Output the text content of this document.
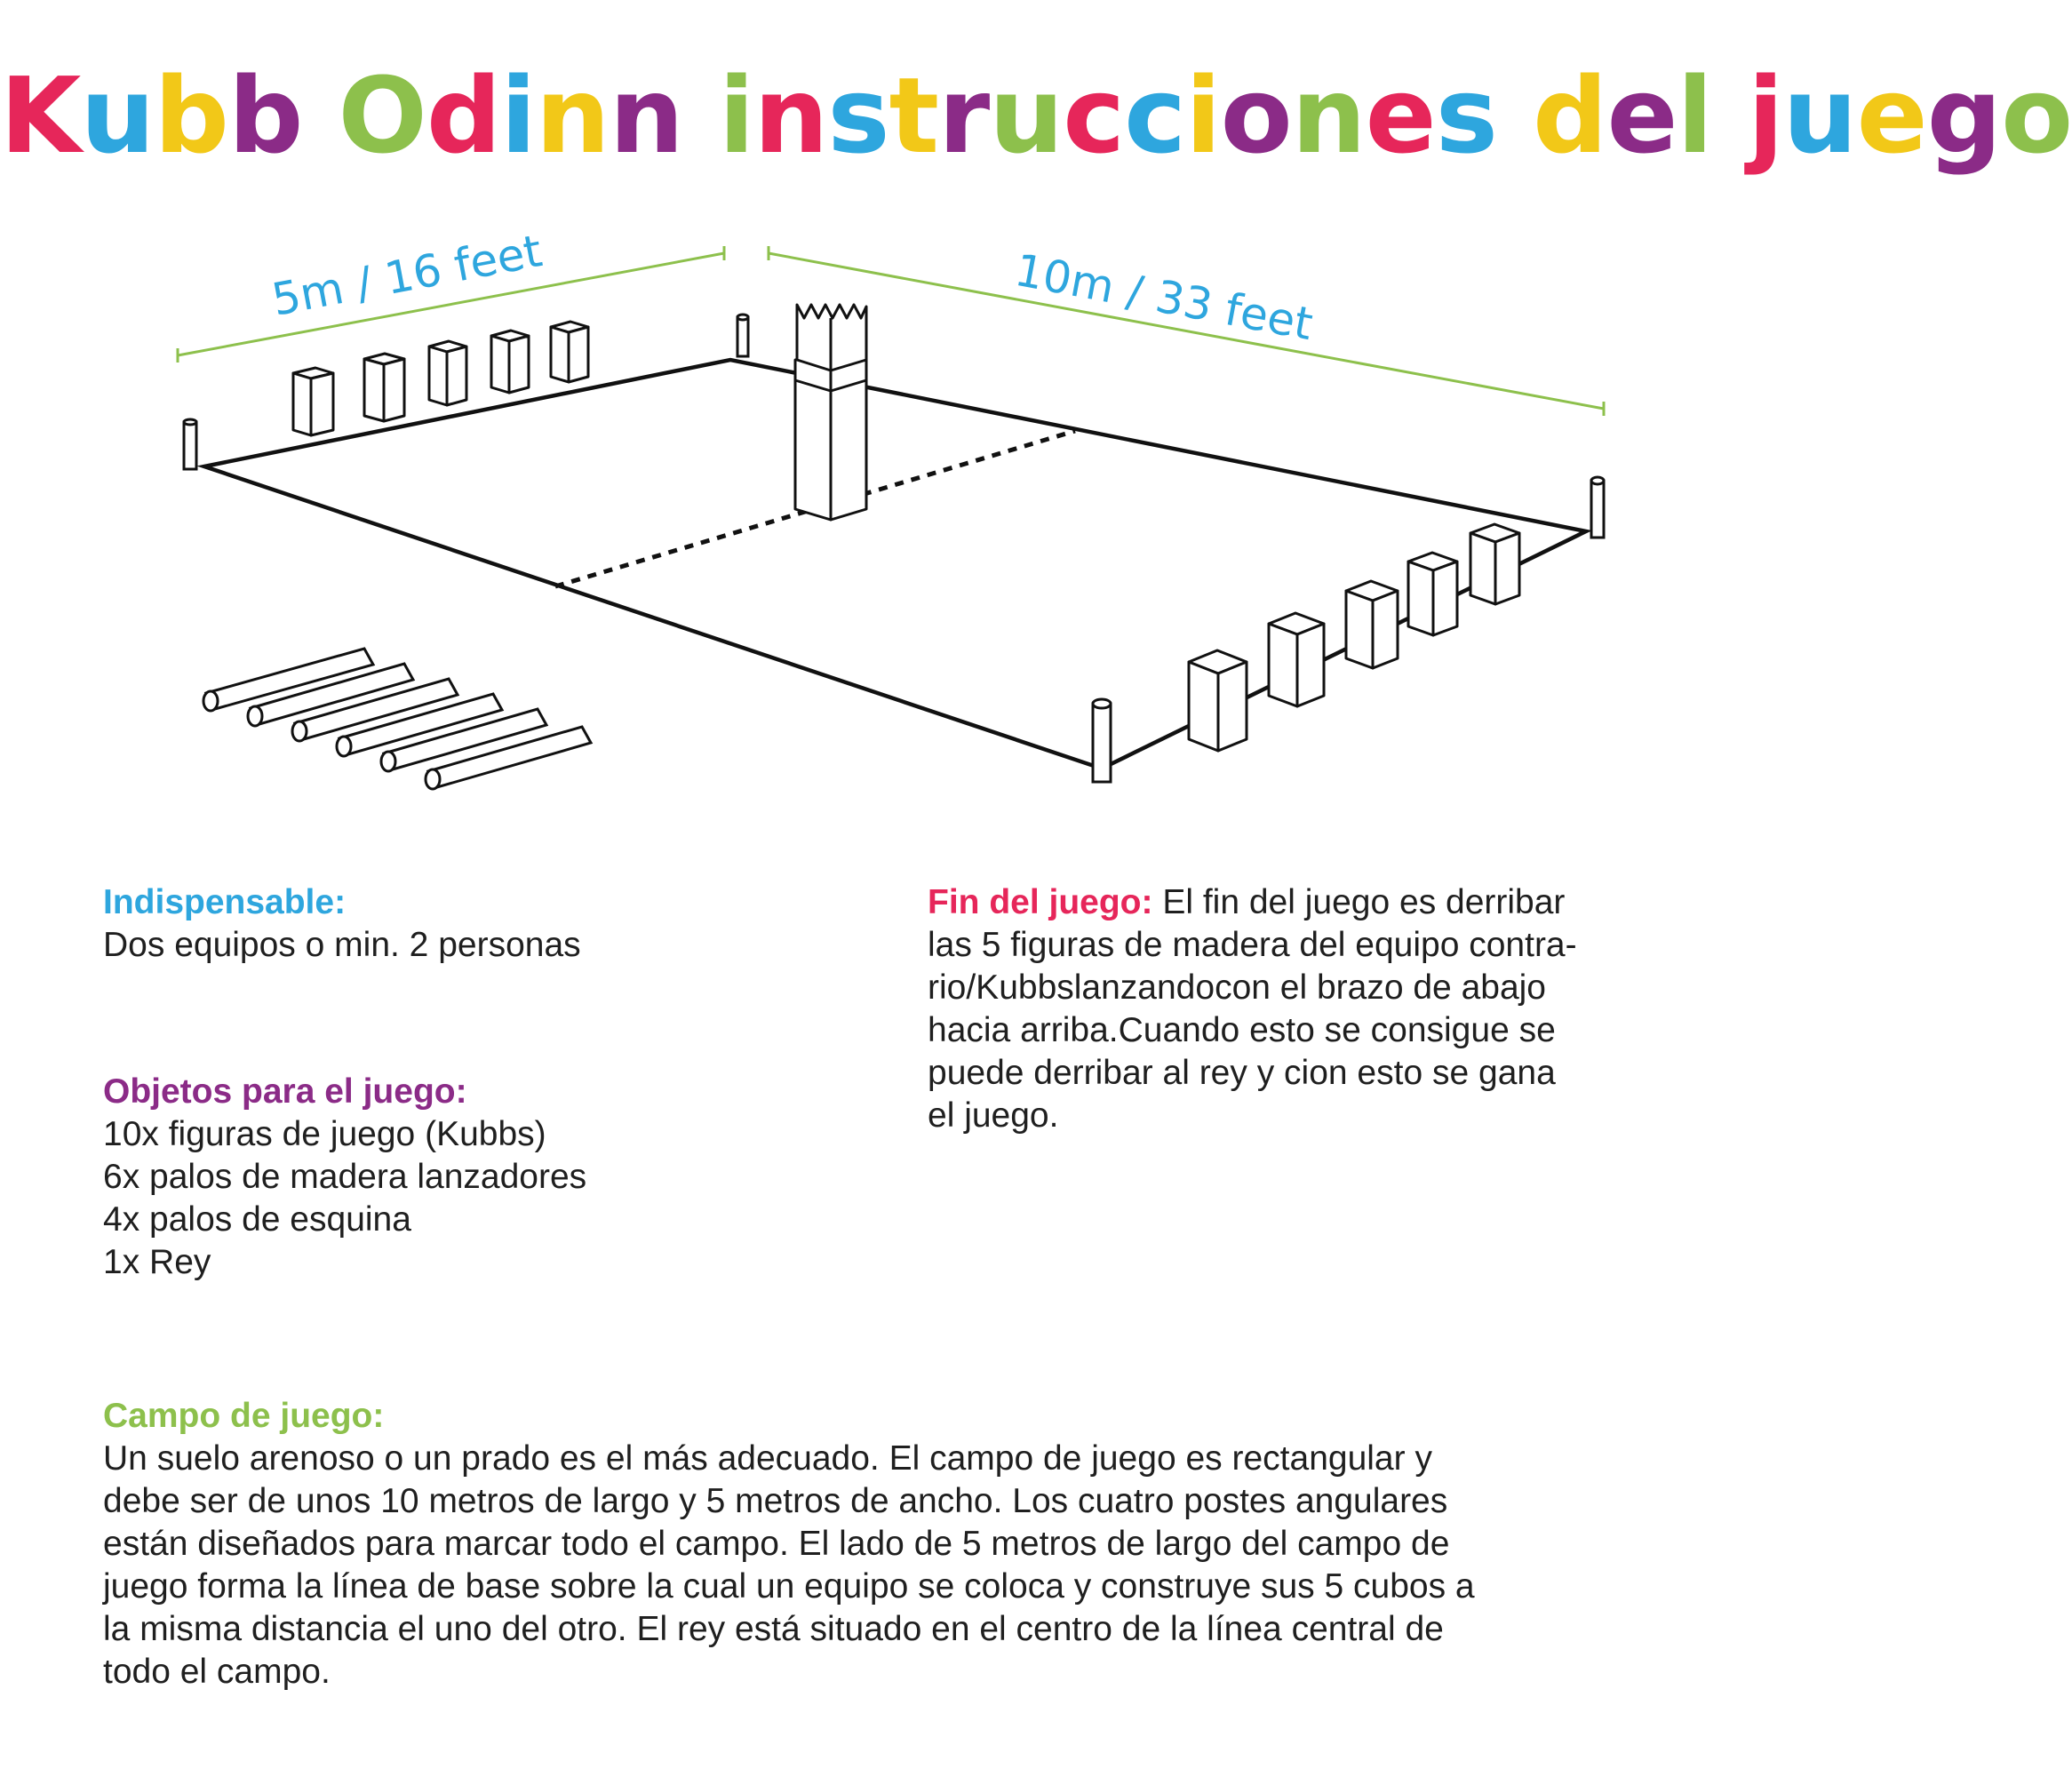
Kubb Odinn instrucciones del juego
5m / 16 feet	10m / 33 feet
Indispensable:
Dos equipos o min. 2 personas
Objetos para el juego:
10x figuras de juego (Kubbs)
6x palos de madera lanzadores
4x palos de esquina
1x Rey
Fin del juego: El fin del juego es derribar
las 5 figuras de madera del equipo contra-
rio/Kubbslanzandocon el brazo de abajo
hacia arriba.Cuando esto se consigue se
puede derribar al rey y cion esto se gana
el juego.
Campo de juego:
Un suelo arenoso o un prado es el más adecuado. El campo de juego es rectangular y
debe ser de unos 10 metros de largo y 5 metros de ancho. Los cuatro postes angulares
están diseñados para marcar todo el campo. El lado de 5 metros de largo del campo de
juego forma la línea de base sobre la cual un equipo se coloca y construye sus 5 cubos a
la misma distancia el uno del otro. El rey está situado en el centro de la línea central de
todo el campo.
